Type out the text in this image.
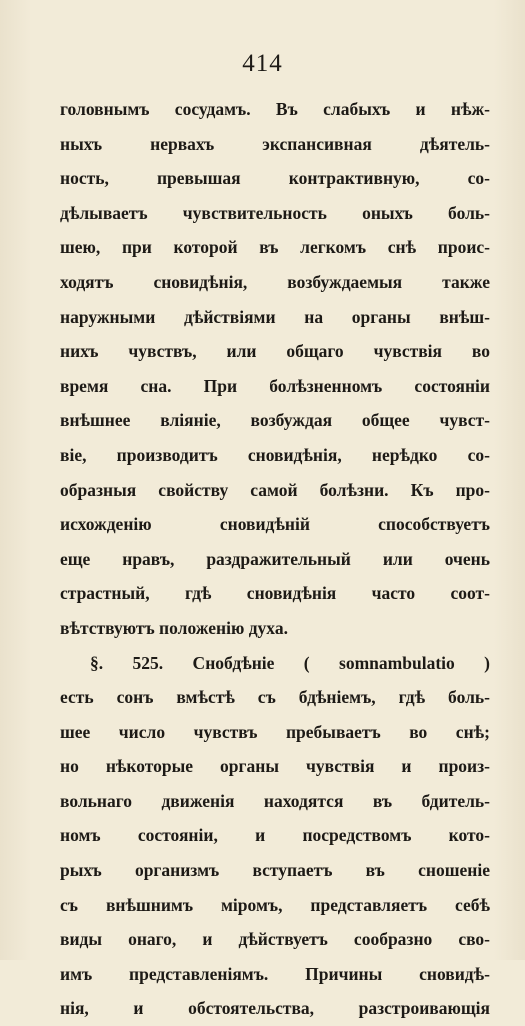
414
головнымъ сосудамъ. Въ слабыхъ и нѣж-
ныхъ нервахъ экспансивная дѣятель-
ность, превышая контрактивную, со-
дѣлываетъ чувствительность оныхъ боль-
шею, при которой въ легкомъ снѣ проис-
ходятъ сновидѣнія, возбуждаемыя также
наружными дѣйствіями на органы внѣш-
нихъ чувствъ, или общаго чувствія во
время сна. При болѣзненномъ состояніи
внѣшнее вліяніе, возбуждая общее чувст-
віе, производитъ сновидѣнія, нерѣдко со-
образныя свойству самой болѣзни. Къ про-
исхожденію сновидѣній способствуетъ
еще нравъ, раздражительный или очень
страстный, гдѣ сновидѣнія часто соот-
вѣтствуютъ положенію духа.
§. 525. Снобдѣніе ( somnambulatio )
есть сонъ вмѣстѣ съ бдѣніемъ, гдѣ боль-
шее число чувствъ пребываетъ во снѣ;
но нѣкоторые органы чувствія и произ-
вольнаго движенія находятся въ бдитель-
номъ состояніи, и посредствомъ кото-
рыхъ организмъ вступаетъ въ сношеніе
съ внѣшнимъ міромъ, представляетъ себѣ
виды онаго, и дѣйствуетъ сообразно сво-
имъ представленіямъ. Причины сновидѣ-
нія, и обстоятельства, разстроивающія
